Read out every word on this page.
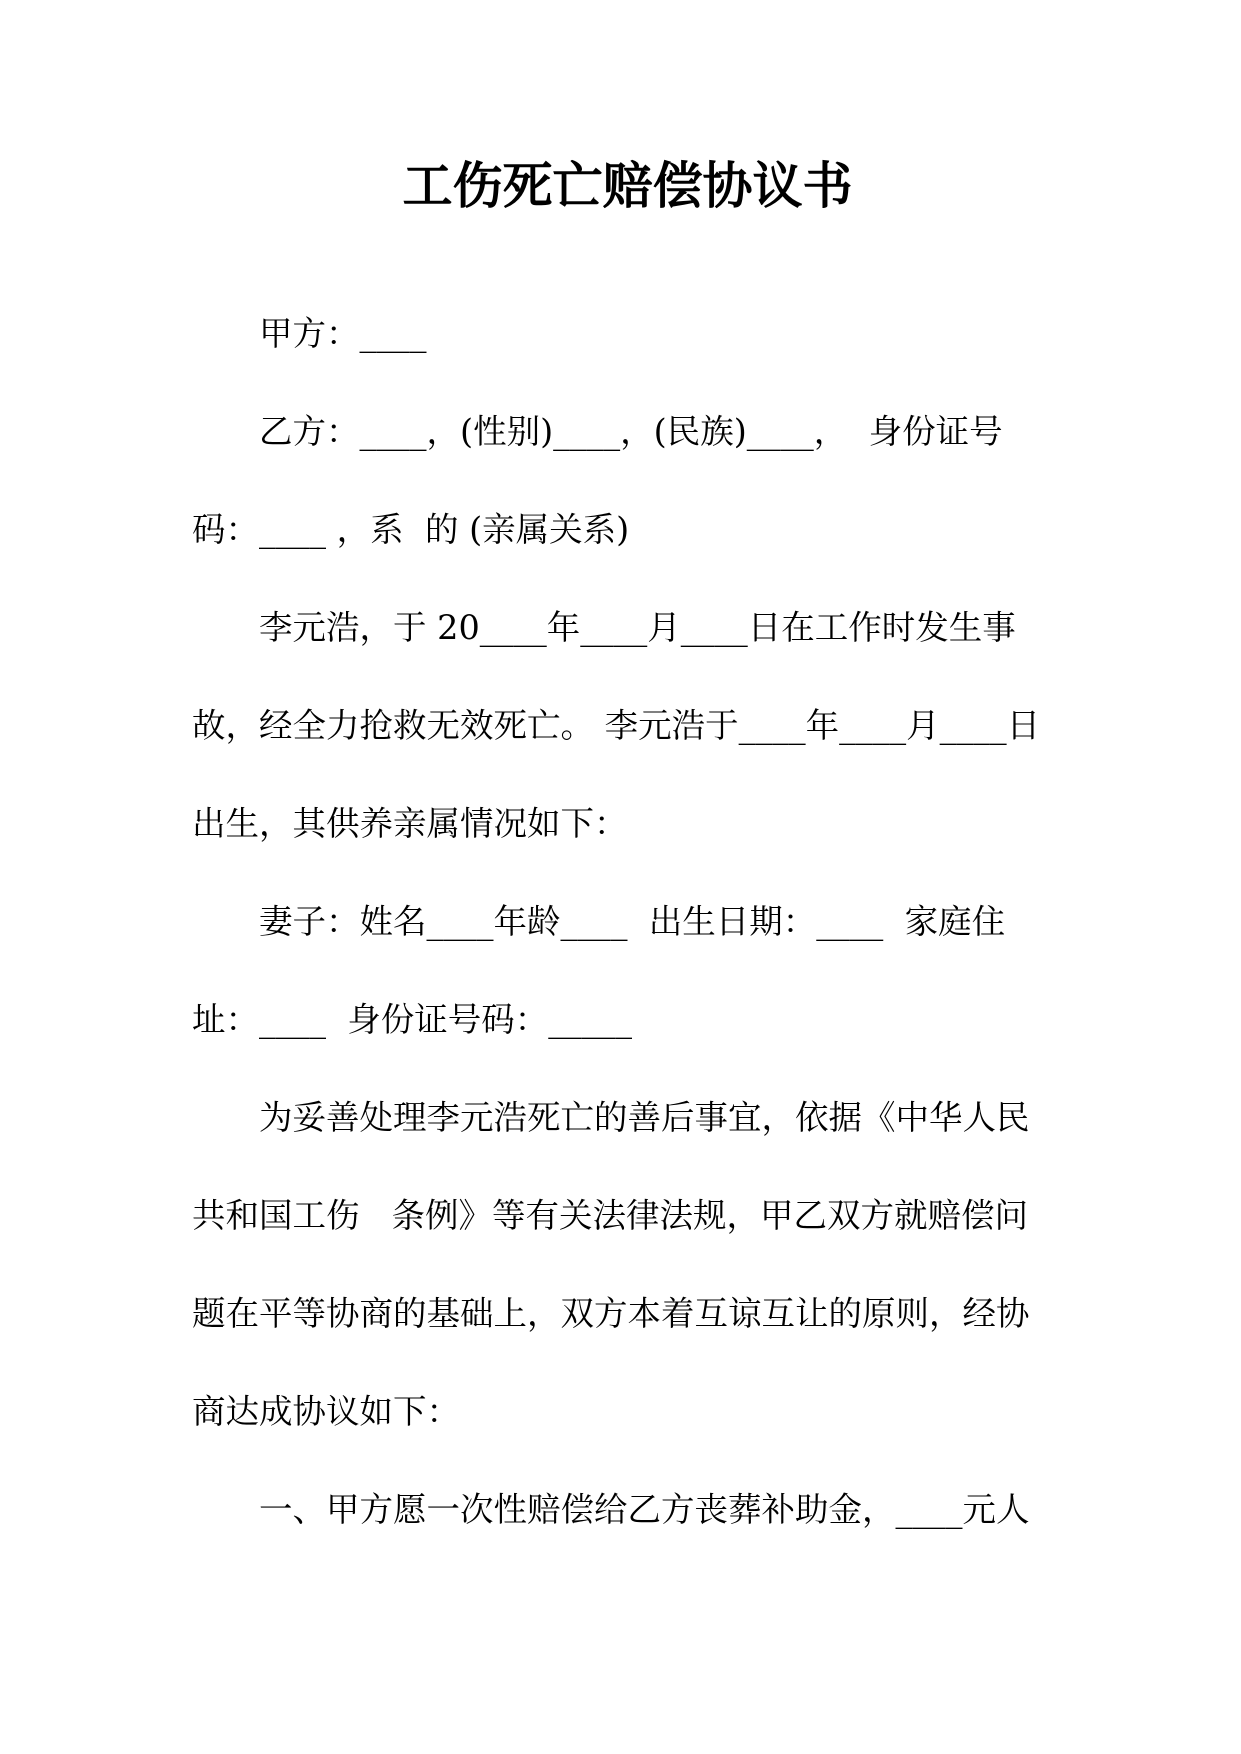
工伤死亡赔偿协议书
甲方：____
乙方：____，(性别)____，(民族)____，  身份证号
码：____ ，系  的 (亲属关系)
李元浩，于 20____年____月____日在工作时发生事
故，经全力抢救无效死亡。 李元浩于____年____月____日
出生，其供养亲属情况如下：
妻子：姓名____年龄____  出生日期：____  家庭住
址：____  身份证号码：_____
为妥善处理李元浩死亡的善后事宜，依据《中华人民
共和国工伤   条例》等有关法律法规，甲乙双方就赔偿问
题在平等协商的基础上，双方本着互谅互让的原则，经协
商达成协议如下：
一、甲方愿一次性赔偿给乙方丧葬补助金，____元人
